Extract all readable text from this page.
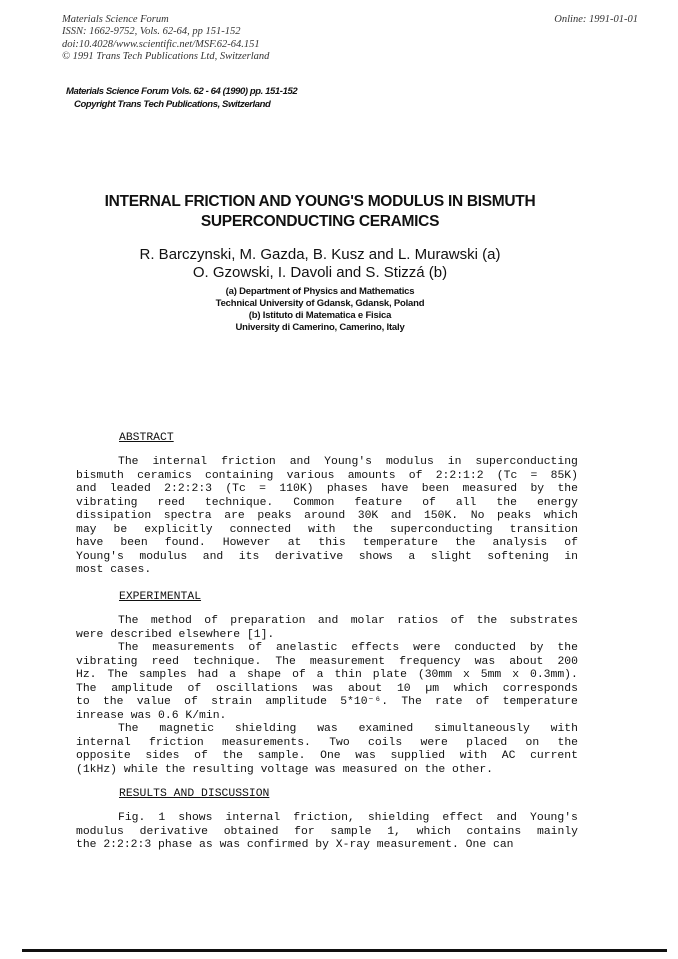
Materials Science Forum
ISSN: 1662-9752, Vols. 62-64, pp 151-152
doi:10.4028/www.scientific.net/MSF.62-64.151
© 1991 Trans Tech Publications Ltd, Switzerland
Online: 1991-01-01
Materials Science Forum Vols. 62 - 64 (1990) pp. 151-152
Copyright Trans Tech Publications, Switzerland
INTERNAL FRICTION AND YOUNG'S MODULUS IN BISMUTH
SUPERCONDUCTING CERAMICS
R. Barczynski, M. Gazda, B. Kusz and L. Murawski (a)
O. Gzowski, I. Davoli and S. Stizzá (b)
(a) Department of Physics and Mathematics
Technical University of Gdansk, Gdansk, Poland
(b) Istituto di Matematica e Fisica
University di Camerino, Camerino, Italy
ABSTRACT
The internal friction and Young's modulus in superconducting
bismuth ceramics containing various amounts of 2:2:1:2 (Tc = 85K)
and leaded 2:2:2:3 (Tc = 110K) phases have been measured by the
vibrating reed technique. Common feature of all the energy
dissipation spectra are peaks around 30K and 150K. No peaks which
may be explicitly connected with the superconducting transition
have been found. However at this temperature the analysis of
Young's modulus and its derivative shows a slight softening in
most cases.
EXPERIMENTAL
The method of preparation and molar ratios of the substrates
were described elsewhere [1].
The measurements of anelastic effects were conducted by the
vibrating reed technique. The measurement frequency was about 200
Hz. The samples had a shape of a thin plate (30mm x 5mm x 0.3mm).
The amplitude of oscillations was about 10 µm which corresponds
to the value of strain amplitude 5*10⁻⁶. The rate of temperature
inrease was 0.6 K/min.
The magnetic shielding was examined simultaneously with
internal friction measurements. Two coils were placed on the
opposite sides of the sample. One was supplied with AC current
(1kHz) while the resulting voltage was measured on the other.
RESULTS AND DISCUSSION
Fig. 1 shows internal friction, shielding effect and Young's
modulus derivative obtained for sample 1, which contains mainly
the 2:2:2:3 phase as was confirmed by X-ray measurement. One can
